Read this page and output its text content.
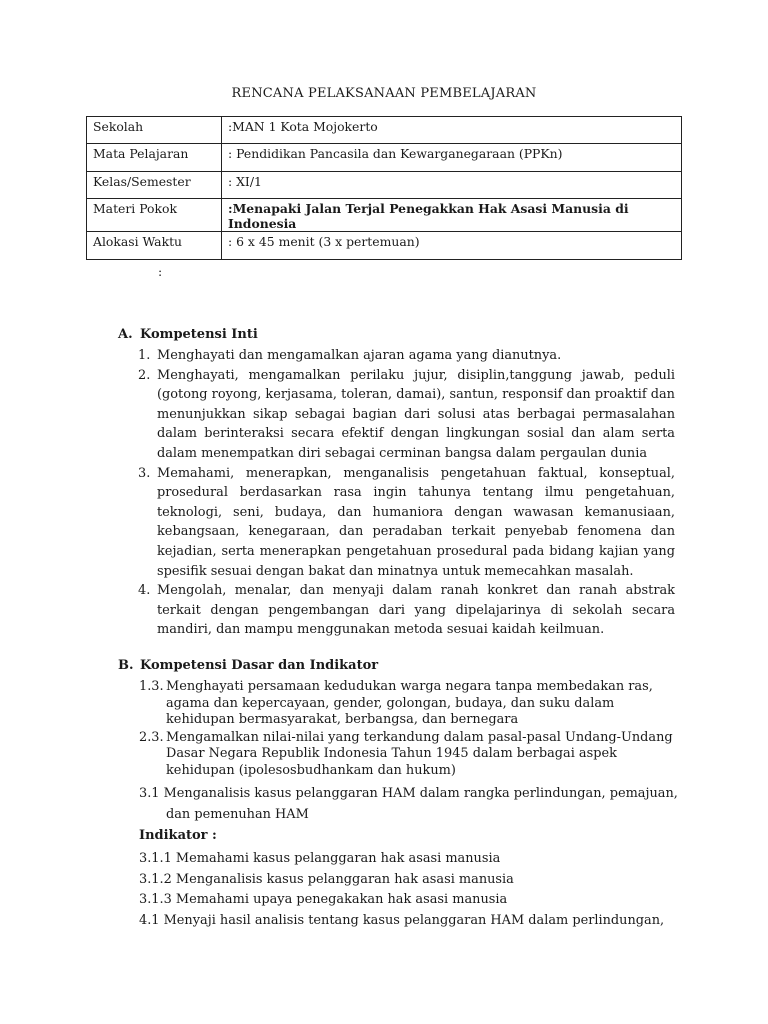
RENCANA PELAKSANAAN PEMBELAJARAN
Sekolah	:MAN 1 Kota Mojokerto
Mata Pelajaran	: Pendidikan Pancasila dan Kewarganegaraan (PPKn)
Kelas/Semester	: XI/1
Materi Pokok	:Menapaki Jalan Terjal Penegakkan Hak Asasi Manusia di Indonesia
Alokasi Waktu	: 6 x 45 menit (3 x pertemuan)
:
A. Kompetensi Inti
1. Menghayati dan mengamalkan ajaran agama yang dianutnya.
2. Menghayati, mengamalkan perilaku jujur, disiplin,tanggung jawab, peduli (gotong royong, kerjasama, toleran, damai), santun, responsif dan proaktif dan menunjukkan sikap sebagai bagian dari solusi atas berbagai permasalahan dalam berinteraksi secara efektif dengan lingkungan sosial dan alam serta dalam menempatkan diri sebagai cerminan bangsa dalam pergaulan dunia
3. Memahami, menerapkan, menganalisis pengetahuan faktual, konseptual, prosedural berdasarkan rasa ingin tahunya tentang ilmu pengetahuan, teknologi, seni, budaya, dan humaniora dengan wawasan kemanusiaan, kebangsaan, kenegaraan, dan peradaban terkait penyebab fenomena dan kejadian, serta menerapkan pengetahuan prosedural pada bidang kajian yang spesifik sesuai dengan bakat dan minatnya untuk memecahkan masalah.
4. Mengolah, menalar, dan menyaji dalam ranah konkret dan ranah abstrak terkait dengan pengembangan dari yang dipelajarinya di sekolah secara mandiri, dan mampu menggunakan metoda sesuai kaidah keilmuan.
B. Kompetensi Dasar dan Indikator
1.3. Menghayati persamaan kedudukan warga negara tanpa membedakan ras, agama dan kepercayaan, gender, golongan, budaya, dan suku dalam kehidupan bermasyarakat, berbangsa, dan bernegara
2.3. Mengamalkan nilai-nilai yang terkandung dalam pasal-pasal Undang-Undang Dasar Negara Republik Indonesia Tahun 1945 dalam berbagai aspek kehidupan (ipolesosbudhankam dan hukum)
3.1 Menganalisis kasus pelanggaran HAM dalam rangka perlindungan, pemajuan, dan pemenuhan HAM
Indikator :
3.1.1 Memahami kasus pelanggaran hak asasi manusia
3.1.2 Menganalisis kasus pelanggaran hak asasi manusia
3.1.3 Memahami upaya penegakakan hak asasi manusia
4.1 Menyaji hasil analisis tentang kasus pelanggaran HAM dalam perlindungan,
